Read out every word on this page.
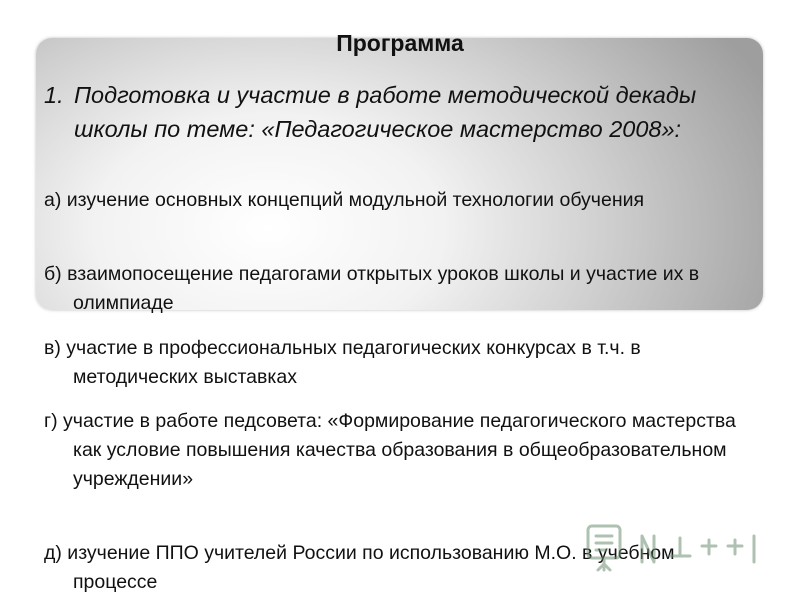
Программа
1. Подготовка и участие в работе методической декады школы по теме: «Педагогическое мастерство 2008»:
а) изучение основных концепций модульной технологии обучения
б) взаимопосещение педагогами открытых уроков школы и участие их в олимпиаде
в) участие в профессиональных педагогических конкурсах в т.ч. в методических выставках
г) участие в работе педсовета: «Формирование педагогического мастерства как условие повышения качества образования в общеобразовательном учреждении»
д) изучение ППО учителей России по использованию М.О. в учебном процессе
